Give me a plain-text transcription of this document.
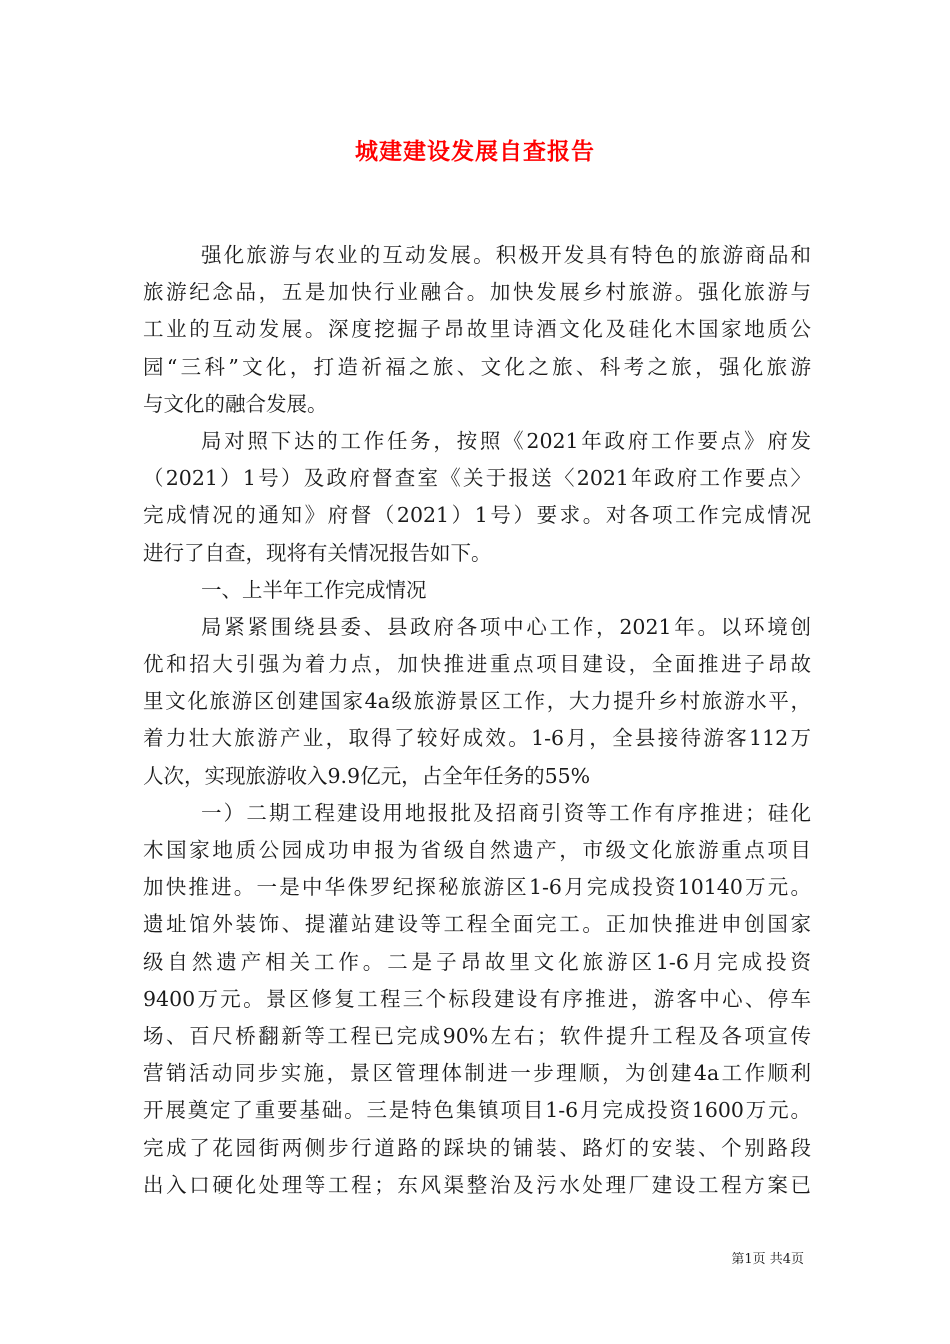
城建建设发展自查报告
强化旅游与农业的互动发展。积极开发具有特色的旅游商品和
旅游纪念品，五是加快行业融合。加快发展乡村旅游。强化旅游与
工业的互动发展。深度挖掘子昂故里诗酒文化及硅化木国家地质公
园“三科”文化，打造祈福之旅、文化之旅、科考之旅，强化旅游
与文化的融合发展。
局对照下达的工作任务，按照《2021年政府工作要点》府发
（2021）1号）及政府督查室《关于报送〈2021年政府工作要点〉
完成情况的通知》府督（2021）1号）要求。对各项工作完成情况
进行了自查，现将有关情况报告如下。
一、上半年工作完成情况
局紧紧围绕县委、县政府各项中心工作，2021年。以环境创
优和招大引强为着力点，加快推进重点项目建设，全面推进子昂故
里文化旅游区创建国家4a级旅游景区工作，大力提升乡村旅游水平，
着力壮大旅游产业，取得了较好成效。1-6月，全县接待游客112万
人次，实现旅游收入9.9亿元，占全年任务的55%
一）二期工程建设用地报批及招商引资等工作有序推进；硅化
木国家地质公园成功申报为省级自然遗产，市级文化旅游重点项目
加快推进。一是中华侏罗纪探秘旅游区1-6月完成投资10140万元。
遗址馆外装饰、提灌站建设等工程全面完工。正加快推进申创国家
级自然遗产相关工作。二是子昂故里文化旅游区1-6月完成投资
9400万元。景区修复工程三个标段建设有序推进，游客中心、停车
场、百尺桥翻新等工程已完成90%左右；软件提升工程及各项宣传
营销活动同步实施，景区管理体制进一步理顺，为创建4a工作顺利
开展奠定了重要基础。三是特色集镇项目1-6月完成投资1600万元。
完成了花园街两侧步行道路的踩块的铺装、路灯的安装、个别路段
出入口硬化处理等工程；东风渠整治及污水处理厂建设工程方案已
第1页 共4页
